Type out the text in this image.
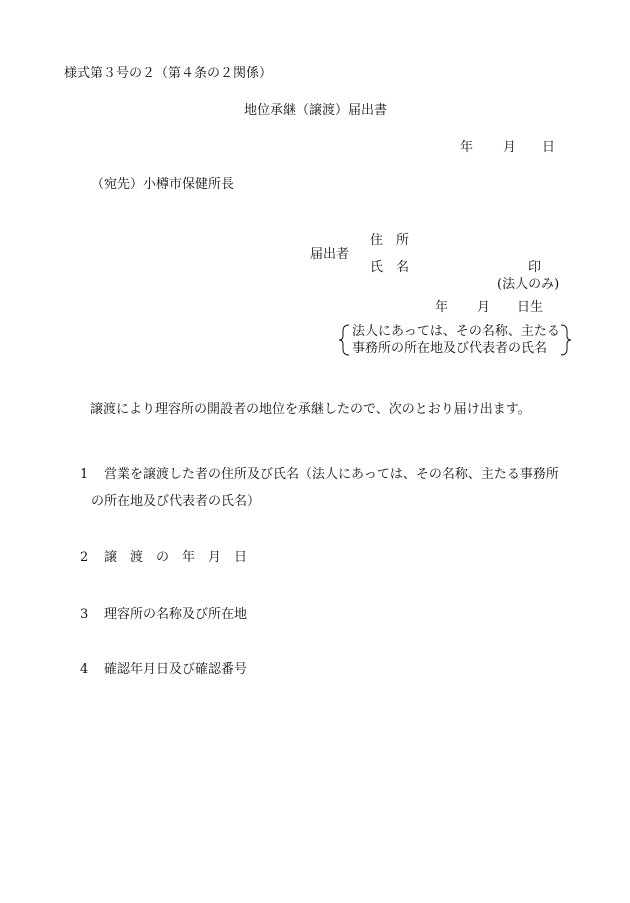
様式第３号の２（第４条の２関係）
地位承継（譲渡）届出書
年 月 日
（宛先）小樽市保健所長
届出者
住　所
氏　名	印
(法人のみ)
年 月 日生
法人にあっては、その名称、主たる
事務所の所在地及び代表者の氏名
譲渡により理容所の開設者の地位を承継したので、次のとおり届け出ます。
1 営業を譲渡した者の住所及び氏名（法人にあっては、その名称、主たる事務所
の所在地及び代表者の氏名）
2 譲　渡　の　年　月　日
3 理容所の名称及び所在地
4 確認年月日及び確認番号
